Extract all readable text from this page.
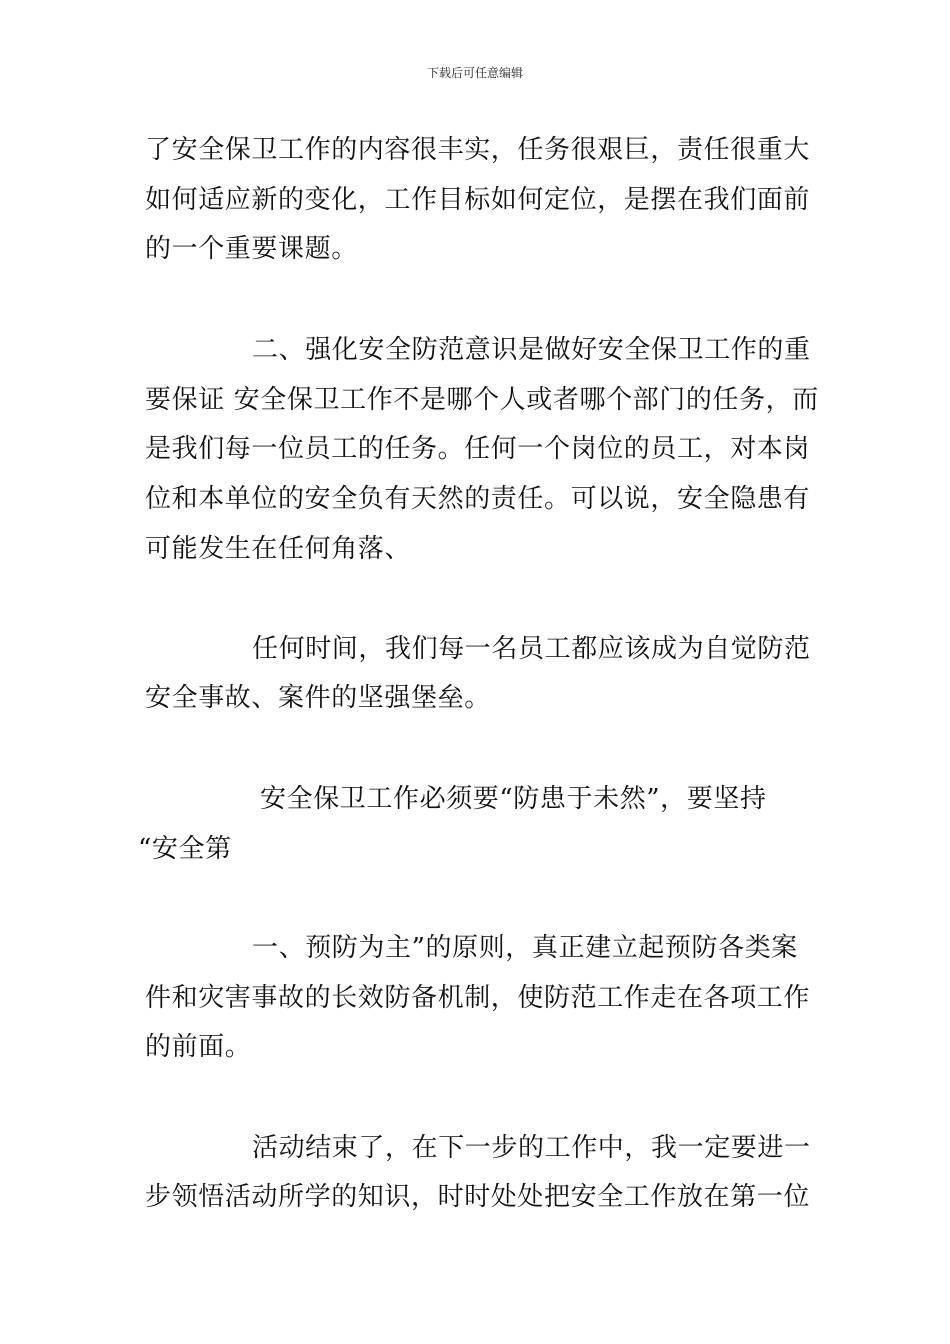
下载后可任意编辑
了安全保卫工作的内容很丰实，任务很艰巨，责任很重大
如何适应新的变化，工作目标如何定位，是摆在我们面前
的一个重要课题。
二、强化安全防范意识是做好安全保卫工作的重
要保证 安全保卫工作不是哪个人或者哪个部门的任务，而
是我们每一位员工的任务。任何一个岗位的员工，对本岗
位和本单位的安全负有天然的责任。可以说，安全隐患有
可能发生在任何角落、
任何时间，我们每一名员工都应该成为自觉防范
安全事故、案件的坚强堡垒。
安全保卫工作必须要“防患于未然”，要坚持
“安全第
一、预防为主”的原则，真正建立起预防各类案
件和灾害事故的长效防备机制，使防范工作走在各项工作
的前面。
活动结束了，在下一步的工作中，我一定要进一
步领悟活动所学的知识，时时处处把安全工作放在第一位
